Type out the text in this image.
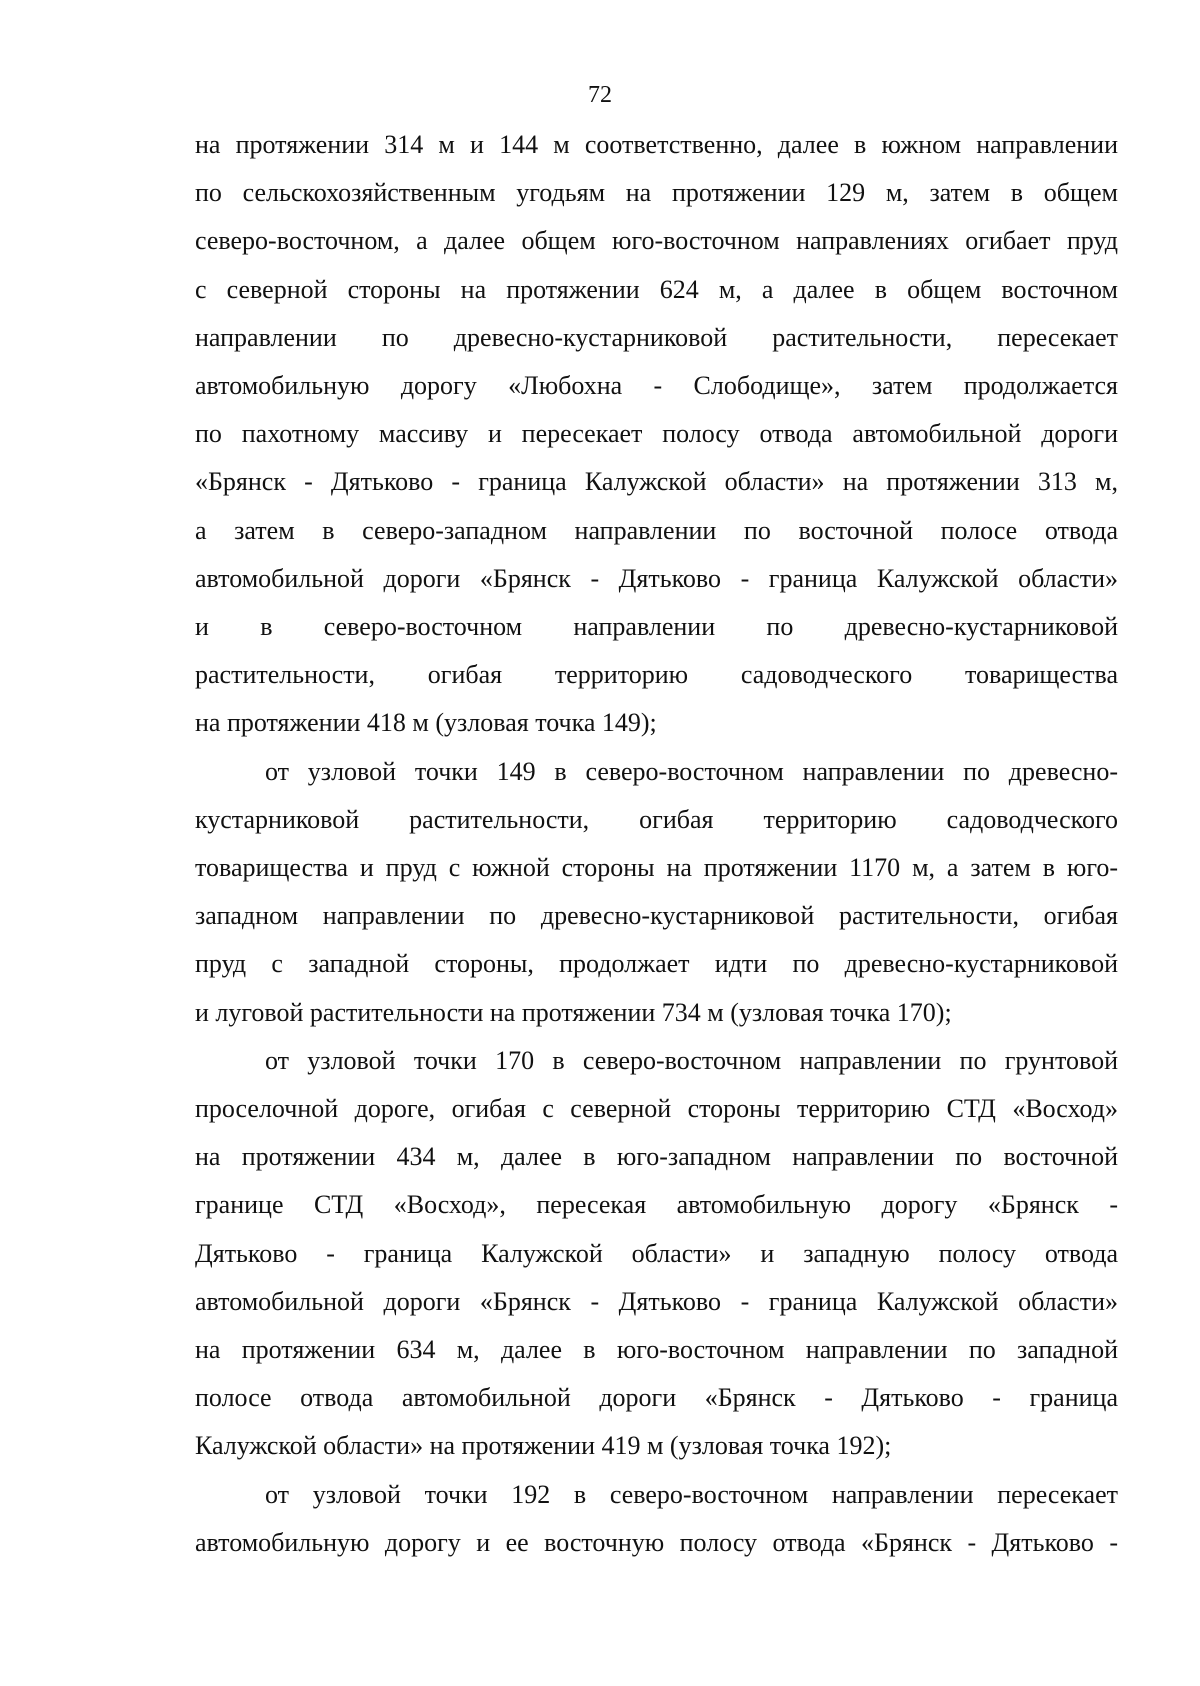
72
на протяжении 314 м и 144 м соответственно, далее в южном направлении
по сельскохозяйственным угодьям на протяжении 129 м, затем в общем
северо-восточном, а далее общем юго-восточном направлениях огибает пруд
с северной стороны на протяжении 624 м, а далее в общем восточном
направлении по древесно-кустарниковой растительности, пересекает
автомобильную дорогу «Любохна - Слободище», затем продолжается
по пахотному массиву и пересекает полосу отвода автомобильной дороги
«Брянск - Дятьково - граница Калужской области» на протяжении 313 м,
а затем в северо-западном направлении по восточной полосе отвода
автомобильной дороги «Брянск - Дятьково - граница Калужской области»
и в северо-восточном направлении по древесно-кустарниковой
растительности, огибая территорию садоводческого товарищества
на протяжении 418 м (узловая точка 149);
от узловой точки 149 в северо-восточном направлении по древесно-
кустарниковой растительности, огибая территорию садоводческого
товарищества и пруд с южной стороны на протяжении 1170 м, а затем в юго-
западном направлении по древесно-кустарниковой растительности, огибая
пруд с западной стороны, продолжает идти по древесно-кустарниковой
и луговой растительности на протяжении 734 м (узловая точка 170);
от узловой точки 170 в северо-восточном направлении по грунтовой
проселочной дороге, огибая с северной стороны территорию СТД «Восход»
на протяжении 434 м, далее в юго-западном направлении по восточной
границе СТД «Восход», пересекая автомобильную дорогу «Брянск -
Дятьково - граница Калужской области» и западную полосу отвода
автомобильной дороги «Брянск - Дятьково - граница Калужской области»
на протяжении 634 м, далее в юго-восточном направлении по западной
полосе отвода автомобильной дороги «Брянск - Дятьково - граница
Калужской области» на протяжении 419 м (узловая точка 192);
от узловой точки 192 в северо-восточном направлении пересекает
автомобильную дорогу и ее восточную полосу отвода «Брянск - Дятьково -
